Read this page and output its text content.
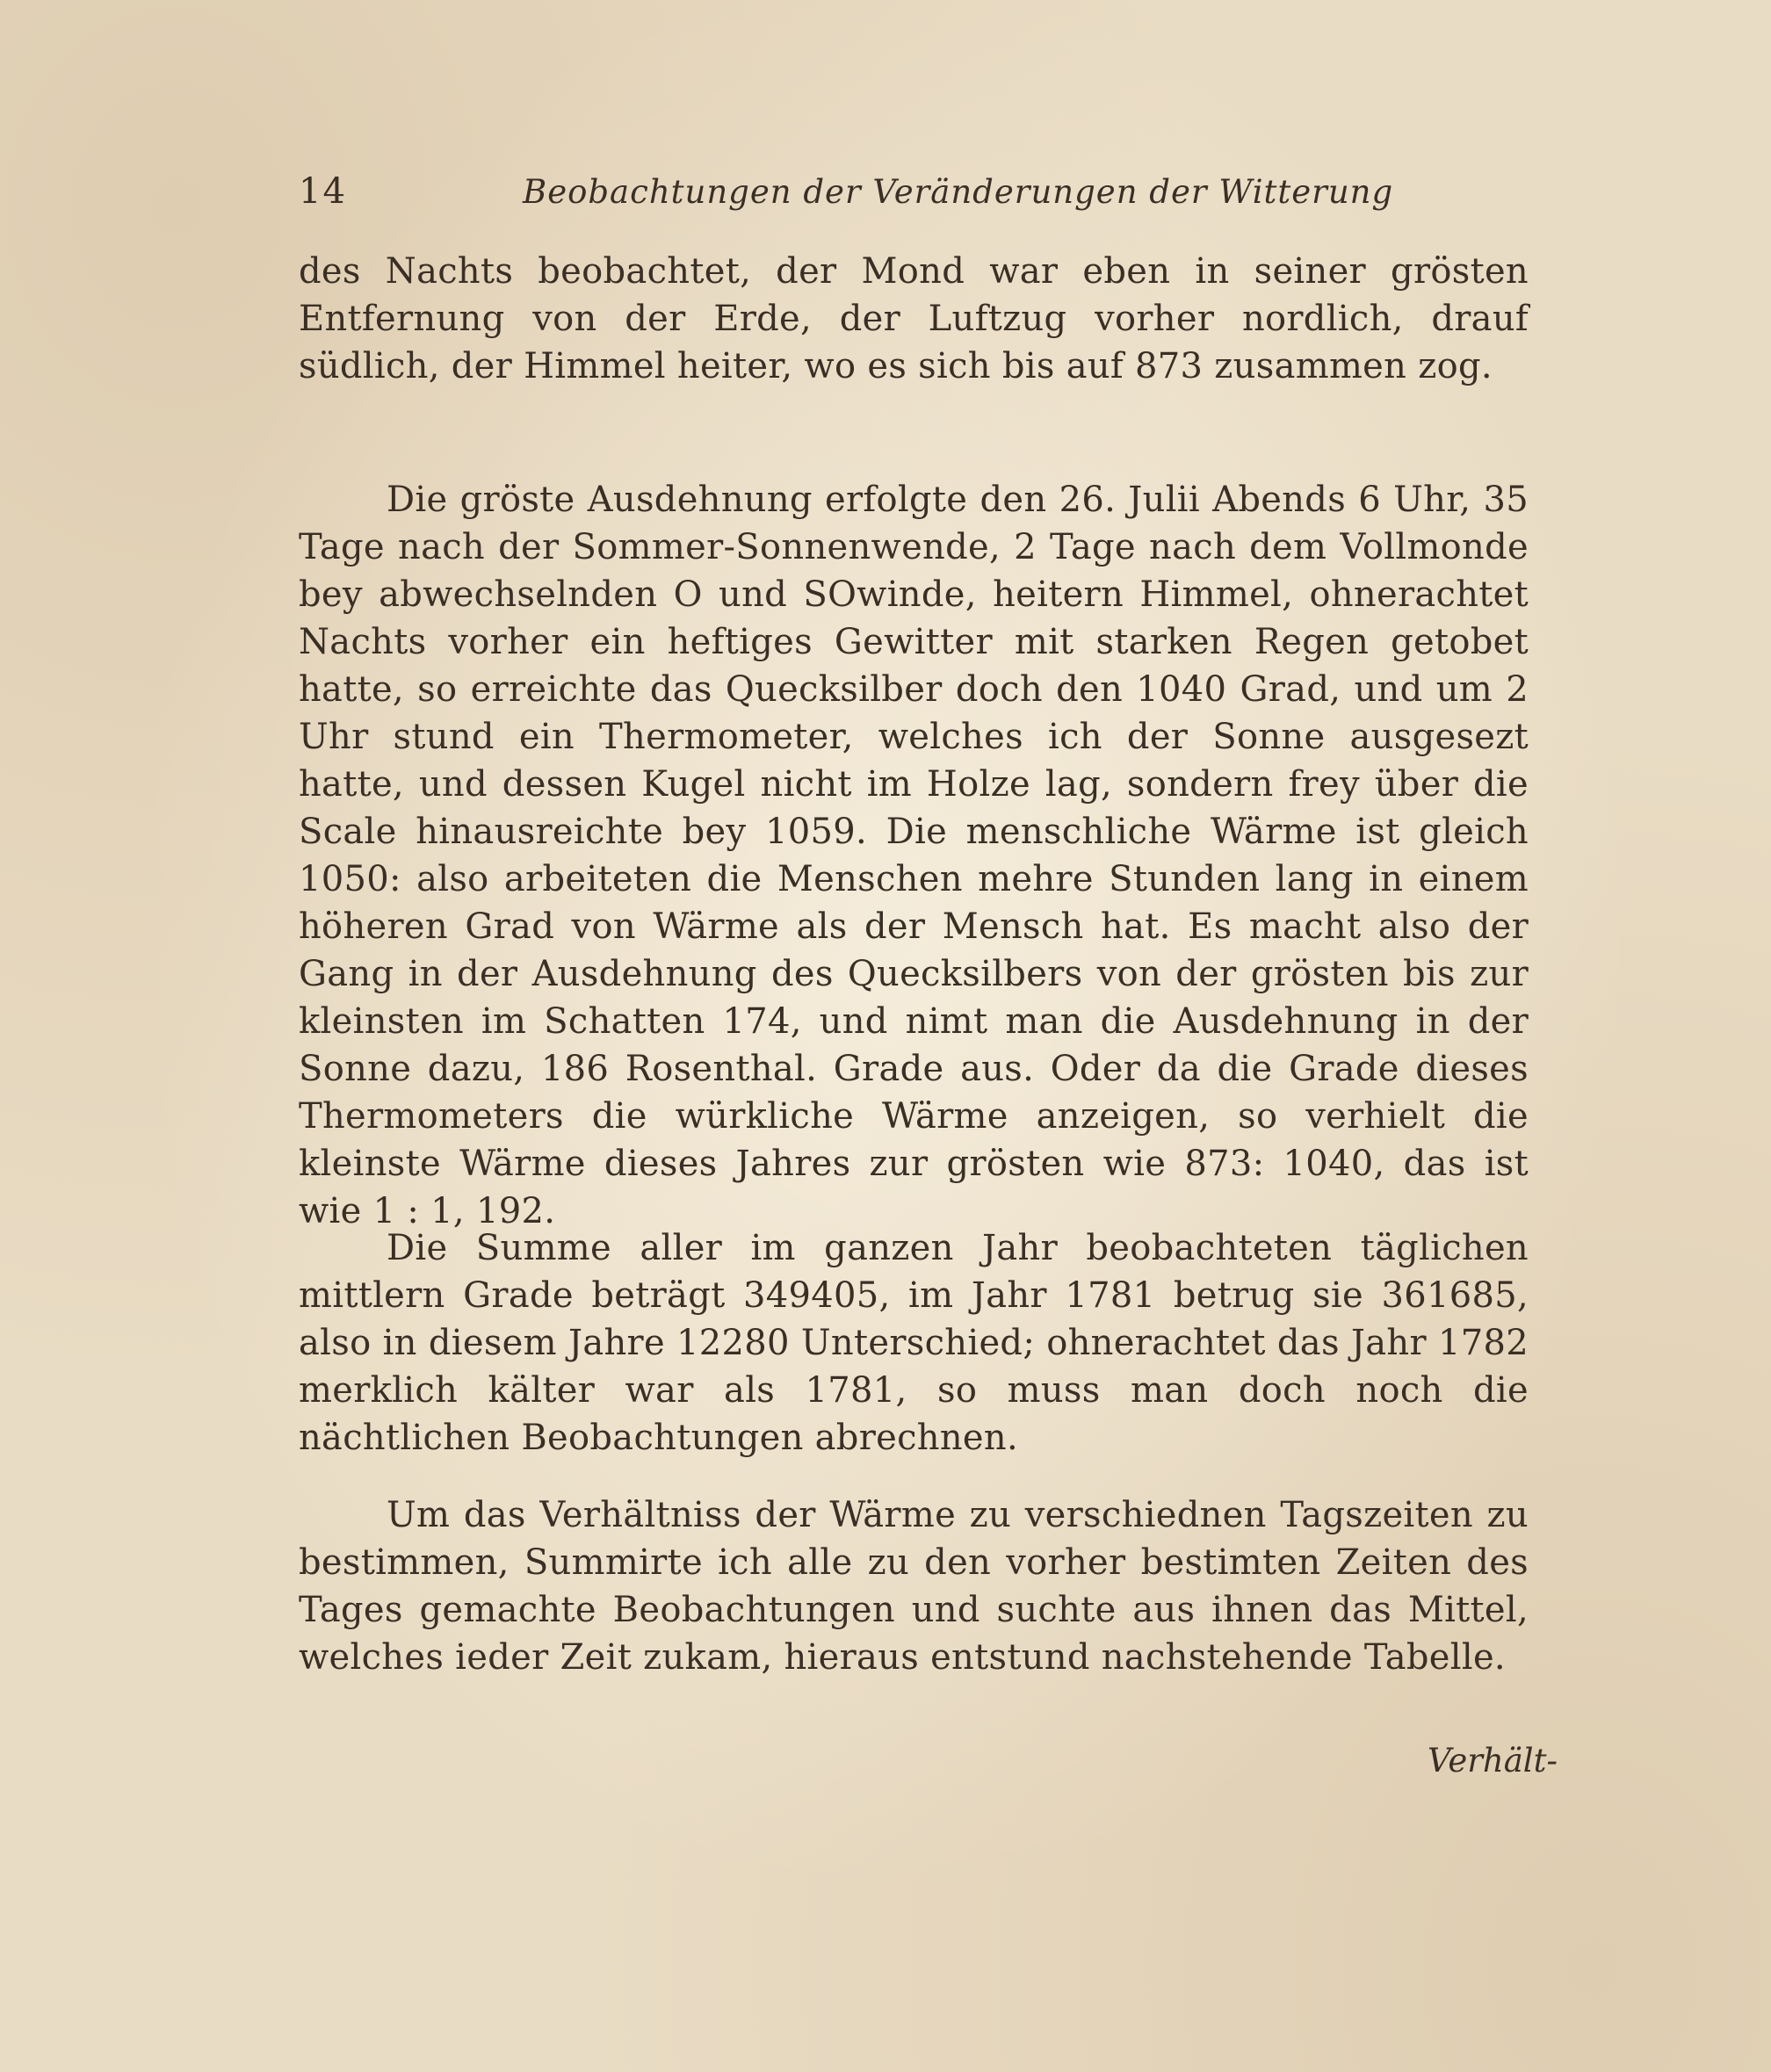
14	Beobachtungen der Veränderungen der Witterung
des Nachts beobachtet, der Mond war eben in seiner grösten Entfernung von der Erde, der Luftzug vorher nordlich, drauf südlich, der Himmel heiter, wo es sich bis auf 873 zusammen zog.
Die gröste Ausdehnung erfolgte den 26. Julii Abends 6 Uhr, 35 Tage nach der Sommer-Sonnenwende, 2 Tage nach dem Vollmonde bey abwechselnden O und SOwinde, heitern Himmel, ohnerachtet Nachts vorher ein heftiges Gewitter mit starken Regen getobet hatte, so erreichte das Quecksilber doch den 1040 Grad, und um 2 Uhr stund ein Thermometer, welches ich der Sonne ausgesezt hatte, und dessen Kugel nicht im Holze lag, sondern frey über die Scale hinausreichte bey 1059. Die menschliche Wärme ist gleich 1050: also arbeiteten die Menschen mehre Stunden lang in einem höheren Grad von Wärme als der Mensch hat. Es macht also der Gang in der Ausdehnung des Quecksilbers von der grösten bis zur kleinsten im Schatten 174, und nimt man die Ausdehnung in der Sonne dazu, 186 Rosenthal. Grade aus. Oder da die Grade dieses Thermometers die würkliche Wärme anzeigen, so verhielt die kleinste Wärme dieses Jahres zur grösten wie 873: 1040, das ist wie 1 : 1, 192.
Die Summe aller im ganzen Jahr beobachteten täglichen mittlern Grade beträgt 349405, im Jahr 1781 betrug sie 361685, also in diesem Jahre 12280 Unterschied; ohnerachtet das Jahr 1782 merklich kälter war als 1781, so muss man doch noch die nächtlichen Beobachtungen abrechnen.
Um das Verhältniss der Wärme zu verschiednen Tagszeiten zu bestimmen, Summirte ich alle zu den vorher bestimten Zeiten des Tages gemachte Beobachtungen und suchte aus ihnen das Mittel, welches ieder Zeit zukam, hieraus entstund nachstehende Tabelle.
Verhält-
